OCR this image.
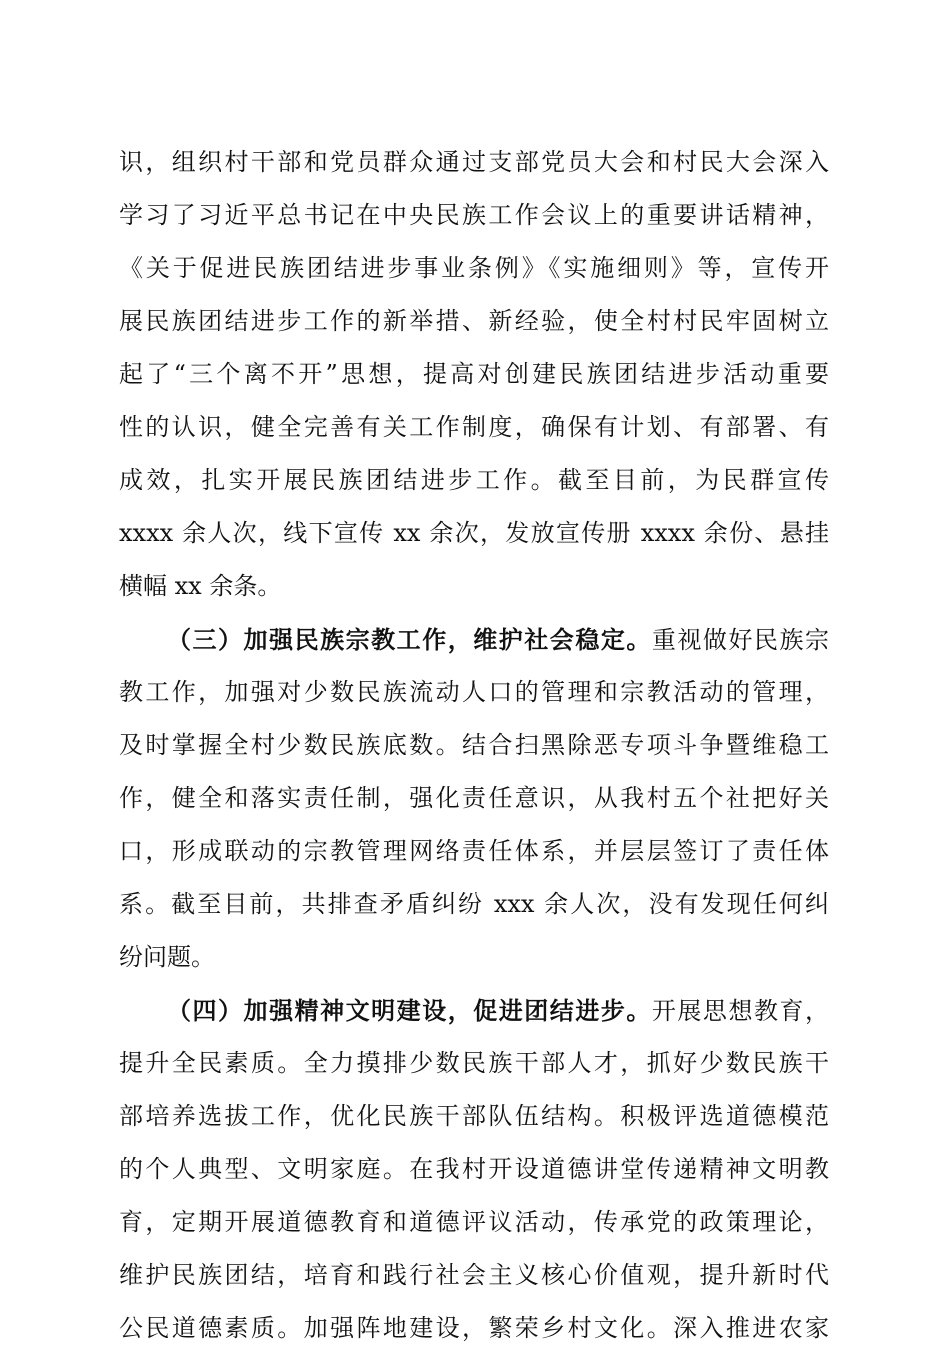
识，组织村干部和党员群众通过支部党员大会和村民大会深入
学习了习近平总书记在中央民族工作会议上的重要讲话精神，
《关于促进民族团结进步事业条例》《实施细则》等，宣传开
展民族团结进步工作的新举措、新经验，使全村村民牢固树立
起了“三个离不开”思想，提高对创建民族团结进步活动重要
性的认识，健全完善有关工作制度，确保有计划、有部署、有
成效，扎实开展民族团结进步工作。截至目前，为民群宣传
xxxx 余人次，线下宣传 xx 余次，发放宣传册 xxxx 余份、悬挂
横幅 xx 余条。
（三）加强民族宗教工作，维护社会稳定。重视做好民族宗
教工作，加强对少数民族流动人口的管理和宗教活动的管理，
及时掌握全村少数民族底数。结合扫黑除恶专项斗争暨维稳工
作，健全和落实责任制，强化责任意识，从我村五个社把好关
口，形成联动的宗教管理网络责任体系，并层层签订了责任体
系。截至目前，共排查矛盾纠纷 xxx 余人次，没有发现任何纠
纷问题。
（四）加强精神文明建设，促进团结进步。开展思想教育，
提升全民素质。全力摸排少数民族干部人才，抓好少数民族干
部培养选拔工作，优化民族干部队伍结构。积极评选道德模范
的个人典型、文明家庭。在我村开设道德讲堂传递精神文明教
育，定期开展道德教育和道德评议活动，传承党的政策理论，
维护民族团结，培育和践行社会主义核心价值观，提升新时代
公民道德素质。加强阵地建设，繁荣乡村文化。深入推进农家
